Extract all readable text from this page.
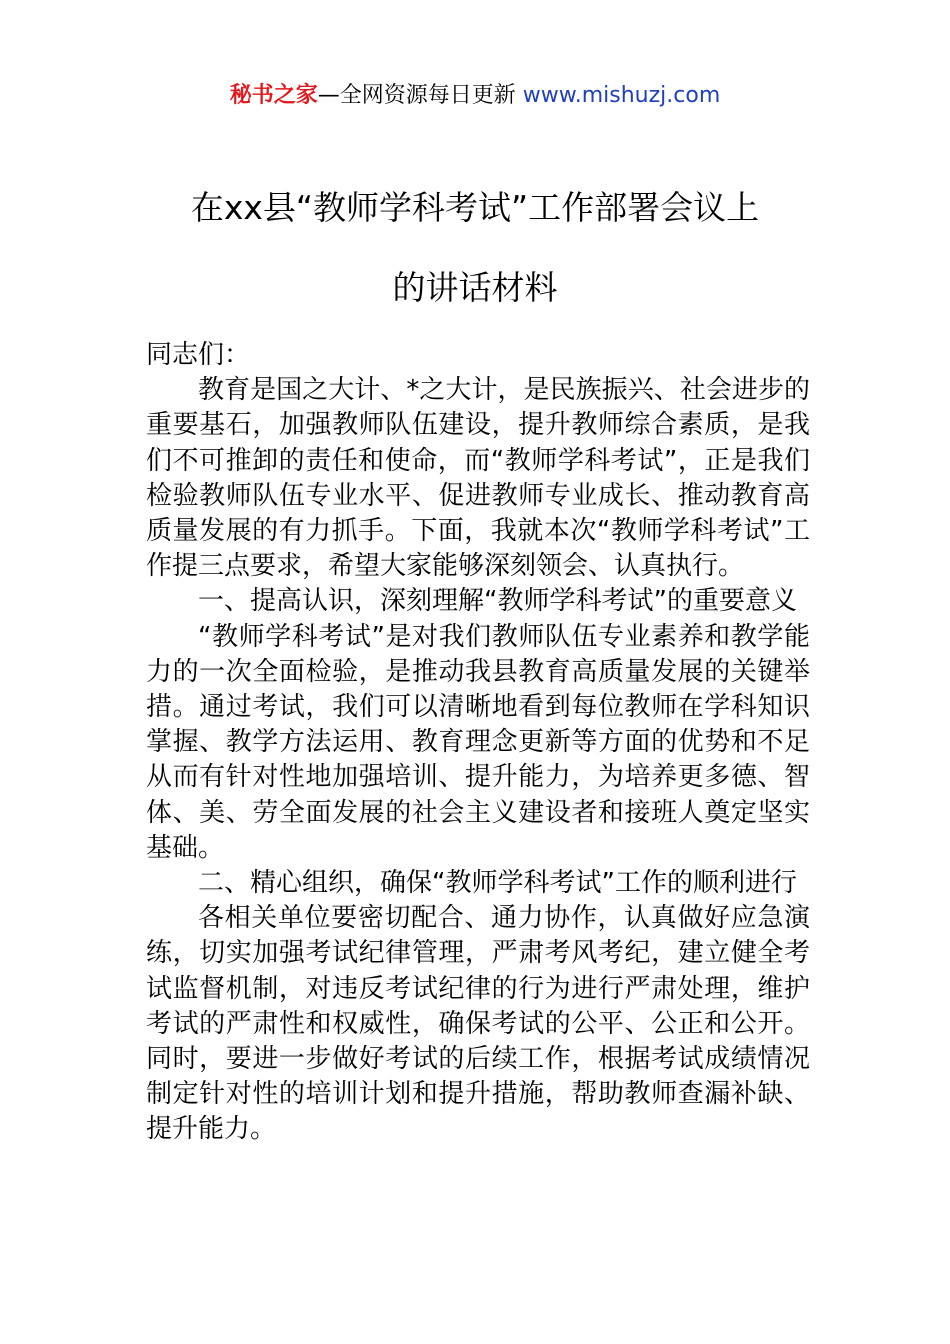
秘书之家—全网资源每日更新 www.mishuzj.com
在xx县“教师学科考试”工作部署会议上
的讲话材料

同志们：

教育是国之大计、*之大计，是民族振兴、社会进步的重要基石，加强教师队伍建设，提升教师综合素质，是我们不可推卸的责任和使命，而“教师学科考试”，正是我们检验教师队伍专业水平、促进教师专业成长、推动教育高质量发展的有力抓手。下面，我就本次“教师学科考试”工作提三点要求，希望大家能够深刻领会、认真执行。

一、提高认识，深刻理解“教师学科考试”的重要意义

“教师学科考试”是对我们教师队伍专业素养和教学能力的一次全面检验，是推动我县教育高质量发展的关键举措。通过考试，我们可以清晰地看到每位教师在学科知识掌握、教学方法运用、教育理念更新等方面的优势和不足从而有针对性地加强培训、提升能力，为培养更多德、智体、美、劳全面发展的社会主义建设者和接班人奠定坚实基础。

二、精心组织，确保“教师学科考试”工作的顺利进行

各相关单位要密切配合、通力协作，认真做好应急演练，切实加强考试纪律管理，严肃考风考纪，建立健全考试监督机制，对违反考试纪律的行为进行严肃处理，维护考试的严肃性和权威性，确保考试的公平、公正和公开。同时，要进一步做好考试的后续工作，根据考试成绩情况制定针对性的培训计划和提升措施，帮助教师查漏补缺、提升能力。
